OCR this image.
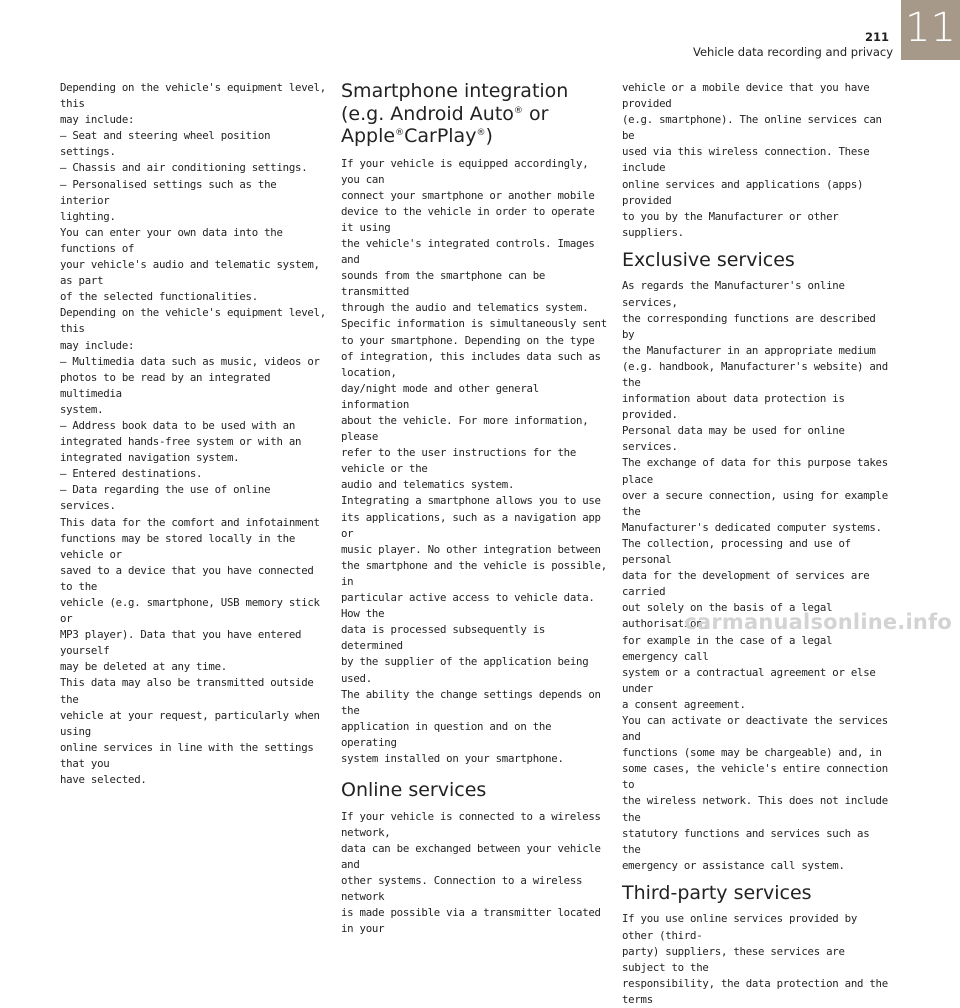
11
211
Vehicle data recording and privacy

Depending on the vehicle's equipment level, this
may include:
– Seat and steering wheel position settings.
– Chassis and air conditioning settings.
– Personalised settings such as the interior
lighting.
You can enter your own data into the functions of
your vehicle's audio and telematic system, as part
of the selected functionalities.
Depending on the vehicle's equipment level, this
may include:
– Multimedia data such as music, videos or
photos to be read by an integrated multimedia
system.
– Address book data to be used with an
integrated hands-free system or with an
integrated navigation system.
– Entered destinations.
– Data regarding the use of online services.
This data for the comfort and infotainment
functions may be stored locally in the vehicle or
saved to a device that you have connected to the
vehicle (e.g. smartphone, USB memory stick or
MP3 player). Data that you have entered yourself
may be deleted at any time.
This data may also be transmitted outside the
vehicle at your request, particularly when using
online services in line with the settings that you
have selected.

Smartphone integration
(e.g. Android Auto® or
Apple®CarPlay®)

If your vehicle is equipped accordingly, you can
connect your smartphone or another mobile
device to the vehicle in order to operate it using
the vehicle's integrated controls. Images and
sounds from the smartphone can be transmitted
through the audio and telematics system.
Specific information is simultaneously sent
to your smartphone. Depending on the type
of integration, this includes data such as location,
day/night mode and other general information
about the vehicle. For more information, please
refer to the user instructions for the vehicle or the
audio and telematics system.
Integrating a smartphone allows you to use
its applications, such as a navigation app or
music player. No other integration between
the smartphone and the vehicle is possible, in
particular active access to vehicle data. How the
data is processed subsequently is determined
by the supplier of the application being used.
The ability the change settings depends on the
application in question and on the operating
system installed on your smartphone.

Online services

If your vehicle is connected to a wireless network,
data can be exchanged between your vehicle and
other systems. Connection to a wireless network
is made possible via a transmitter located in your

vehicle or a mobile device that you have provided
(e.g. smartphone). The online services can be
used via this wireless connection. These include
online services and applications (apps) provided
to you by the Manufacturer or other suppliers.

Exclusive services

As regards the Manufacturer's online services,
the corresponding functions are described by
the Manufacturer in an appropriate medium
(e.g. handbook, Manufacturer's website) and the
information about data protection is provided.
Personal data may be used for online services.
The exchange of data for this purpose takes place
over a secure connection, using for example the
Manufacturer's dedicated computer systems.
The collection, processing and use of personal
data for the development of services are carried
out solely on the basis of a legal authorisation,
for example in the case of a legal emergency call
system or a contractual agreement or else under
a consent agreement.
You can activate or deactivate the services and
functions (some may be chargeable) and, in
some cases, the vehicle's entire connection to
the wireless network. This does not include the
statutory functions and services such as the
emergency or assistance call system.

Third-party services

If you use online services provided by other (third-
party) suppliers, these services are subject to the
responsibility, the data protection and the terms

carmanualsonline.info
